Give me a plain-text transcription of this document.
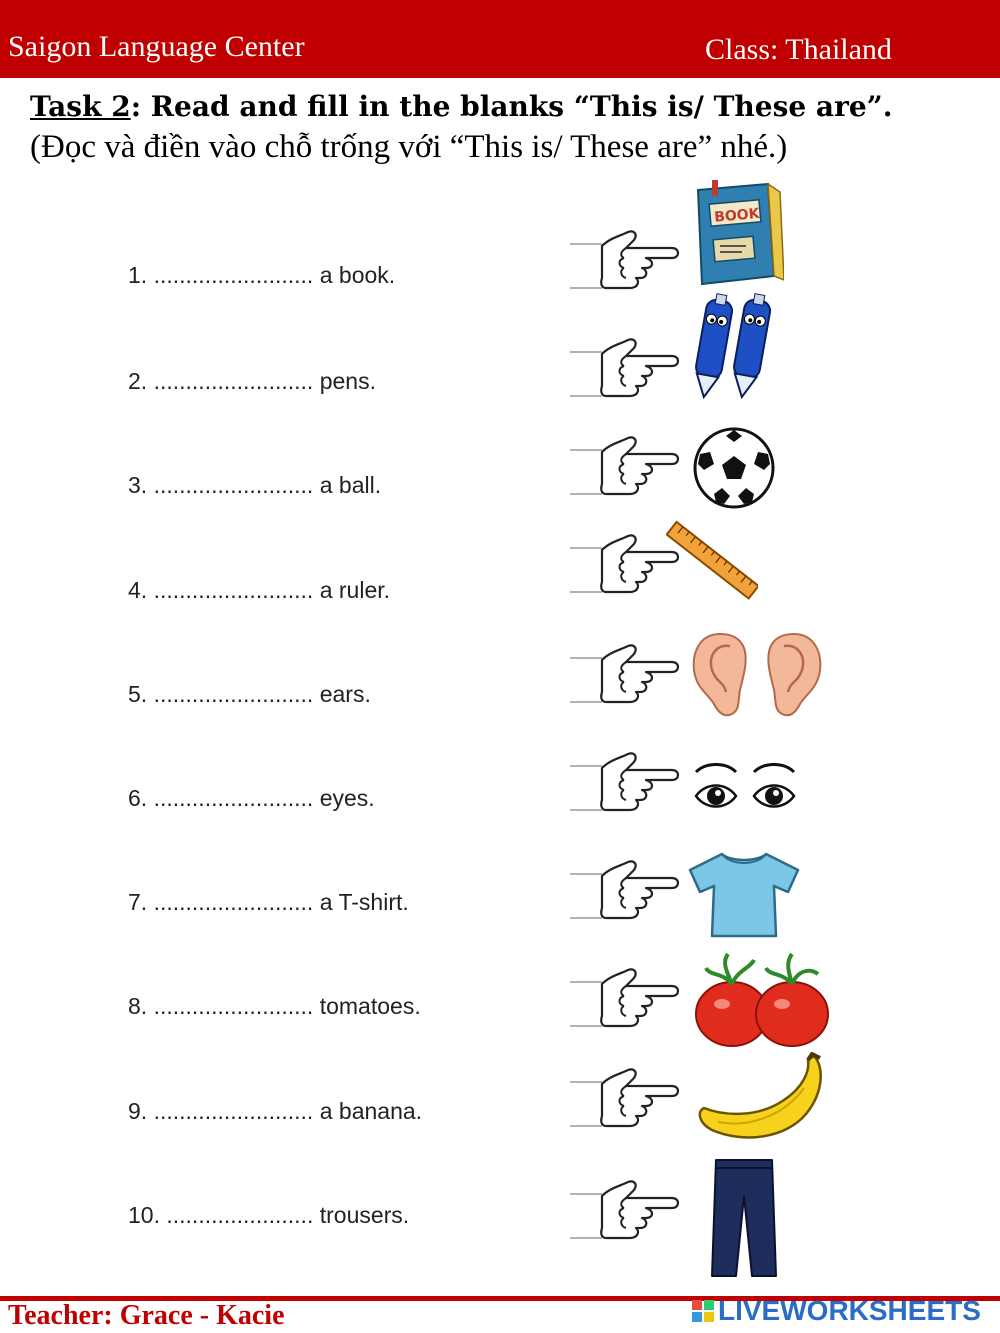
Saigon Language Center	Class: Thailand
Task 2: Read and fill in the blanks “This is/ These are”. (Đọc và điền vào chỗ trống với “This is/ These are” nhé.)
1. ......................... a book.
2. ......................... pens.
3. ......................... a ball.
4. ......................... a ruler.
5. ......................... ears.
6. ......................... eyes.
7. ......................... a T-shirt.
8. ......................... tomatoes.
9. ......................... a banana.
10. ....................... trousers.
BOOK
Teacher: Grace - Kacie	LIVEWORKSHEETS
